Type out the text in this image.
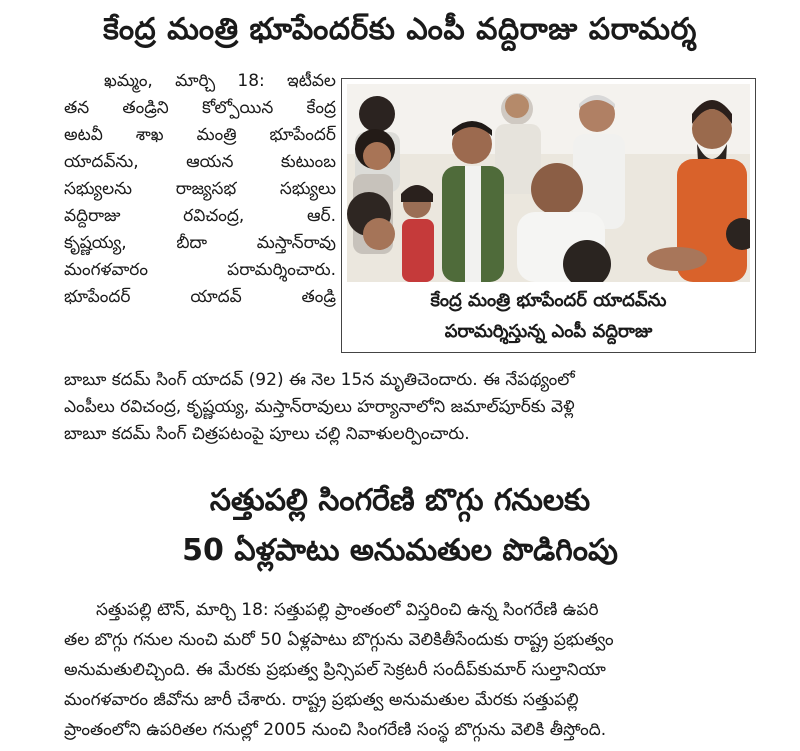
కేంద్ర మంత్రి భూపేందర్‌కు ఎంపీ వద్దిరాజు పరామర్శ
ఖమ్మం, మార్చి 18: ఇటీవల
తన తండ్రిని కోల్పోయిన కేంద్ర
అటవీ శాఖ మంత్రి భూపేందర్
యాదవ్‌ను, ఆయన కుటుంబ
సభ్యులను రాజ్యసభ సభ్యులు
వద్దిరాజు రవిచంద్ర, ఆర్.
కృష్ణయ్య, బీదా మస్తాన్‌రావు
మంగళవారం పరామర్శించారు.
భూపేందర్ యాదవ్ తండ్రి	కేంద్ర మంత్రి భూపేందర్ యాదవ్‌ను
పరామర్శిస్తున్న ఎంపీ వద్దిరాజు
బాబూ కదమ్ సింగ్ యాదవ్ (92) ఈ నెల 15న మృతిచెందారు. ఈ నేపథ్యంలో
ఎంపీలు రవిచంద్ర, కృష్ణయ్య, మస్తాన్‌రావులు హర్యానాలోని జమాల్‌పూర్‌కు వెళ్లి
బాబూ కదమ్ సింగ్ చిత్రపటంపై పూలు చల్లి నివాళులర్పించారు.
సత్తుపల్లి సింగరేణి బొగ్గు గనులకు
50 ఏళ్లపాటు అనుమతుల పొడిగింపు
సత్తుపల్లి టౌన్, మార్చి 18: సత్తుపల్లి ప్రాంతంలో విస్తరించి ఉన్న సింగరేణి ఉపరి
తల బొగ్గు గనుల నుంచి మరో 50 ఏళ్లపాటు బొగ్గును వెలికితీసేందుకు రాష్ట్ర ప్రభుత్వం
అనుమతులిచ్చింది. ఈ మేరకు ప్రభుత్వ ప్రిన్సిపల్ సెక్రటరీ సందీప్‌కుమార్ సుల్తానియా
మంగళవారం జీవోను జారీ చేశారు. రాష్ట్ర ప్రభుత్వ అనుమతుల మేరకు సత్తుపల్లి
ప్రాంతంలోని ఉపరితల గనుల్లో 2005 నుంచి సింగరేణి సంస్థ బొగ్గును వెలికి తీస్తోంది.
